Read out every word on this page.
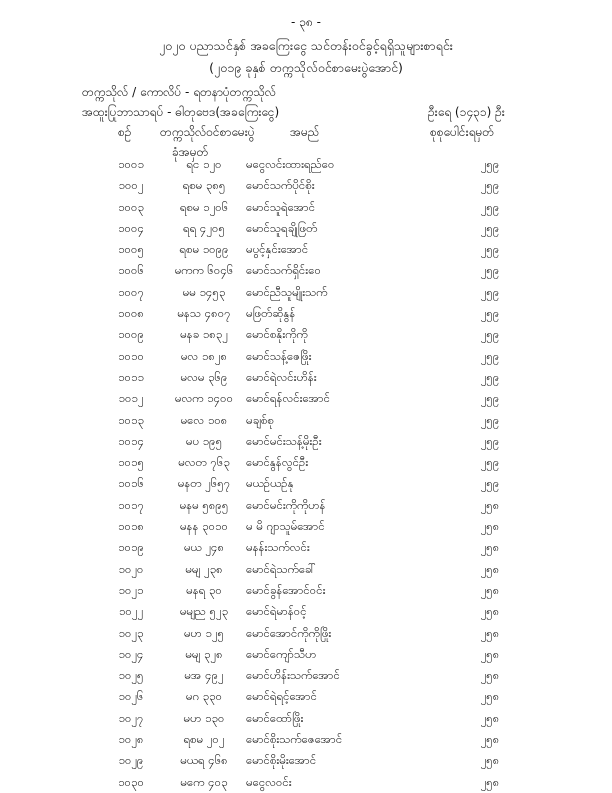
- ၃၈ -
၂၀၂၀ ပညာသင်နှစ် အခကြေးငွေ သင်တန်းဝင်ခွင့်ရရှိသူများစာရင်း
(၂၀၁၉ ခုနှစ် တက္ကသိုလ်ဝင်စာမေးပွဲအောင်)
တက္ကသိုလ် / ကောလိပ် - ရတနာပုံတက္ကသိုလ်
အထူးပြုဘာသာရပ် - ဓါတုဗေဒ(အခကြေးငွေ)	ဦးရေ (၁၄၃၁) ဦး
စဉ် တက္ကသိုလ်ဝင်စာမေးပွဲ	အမည်	စုစုပေါင်းရမှတ်
ခုံအမှတ်
၁၀၀၁	ရင ၁၂၀	မငွေလင်းထားရည်ဝေ	၂၅၉
၁၀၀၂	ရစမ ၃၈၅	မောင်သက်ပိုင်စိုး	၂၅၉
၁၀၀၃	ရစမ ၁၂၀၆	မောင်သူရဲအောင်	၂၅၉
၁၀၀၄	ရရ ၄၂၀၅	မောင်သူရချိုဖြတ်	၂၅၉
၁၀၀၅	ရစမ ၁၀၉၉	မပွင့်နှင်းအောင်	၂၅၉
၁၀၀၆	မကက ၆၀၄၆	မောင်သက်ရှိင်းဝေ	၂၅၉
၁၀၀၇	မမ ၁၄၅၃	မောင်ညီသူမျိုးသက်	၂၅၉
၁၀၀၈	မနသ ၄၈၀၇	မဖြတ်ဆိုနွန်	၂၅၉
၁၀၀၉	မနခ ၁၈၃၂	မောင်စနိုးကိုကို	၂၅၉
၁၀၁၀	မလ ၁၈၂၈	မောင်သန့်ဇေဖြိုး	၂၅၉
၁၀၁၁	မလမ ၃၆၉	မောင်ရဲလင်းဟိန်း	၂၅၉
၁၀၁၂	မလက ၁၄၀၀	မောင်ရန်လင်းအောင်	၂၅၉
၁၀၁၃	မလေ ၁၀၈	မချစ်စု	၂၅၉
၁၀၁၄	မပ ၁၉၅	မောင်မင်းသန့်မိုးဦး	၂၅၉
၁၀၁၅	မလတ ၇၆၃	မောင်နွန်လွင်ဦး	၂၅၉
၁၀၁၆	မနတ ၂၆၅၇	မယဉ်ယဉ်နု	၂၅၉
၁၀၁၇	မနမ ၅၈၉၅	မောင်မင်းကိုကိုဟန်	၂၅၈
၁၀၁၈	မနန ၃၀၁၀	မ မိ ဂျာသူမ်အောင်	၂၅၈
၁၀၁၉	မယ ၂၄၈	မနန်းသက်လင်း	၂၅၈
၁၀၂၀	မမျ ၂၃၈	မောင်ရဲသက်ခေါ်	၂၅၈
၁၀၂၁	မနရ ၃၀	မောင်ခွန်အောင်ဝင်း	၂၅၈
၁၀၂၂	မမျည ၅၂၃	မောင်ရဲမာန်ဝင့်	၂၅၈
၁၀၂၃	မဟ ၁၂၅	မောင်အောင်ကိုကိုဖြိုး	၂၅၈
၁၀၂၄	မမျ ၃၂၈	မောင်ကျော်သီဟ	၂၅၈
၁၀၂၅	မအ ၄၉၂	မောင်ဟိန်းသက်အောင်	၂၅၈
၁၀၂၆	မဂ ၃၃၀	မောင်ရဲရင့်အောင်	၂၅၈
၁၀၂၇	မဟ ၁၃၀	မောင်ထော်ဖြိုး	၂၅၈
၁၀၂၈	ရစမ ၂၀၂	မောင်စိုးသက်ဇေအောင်	၂၅၈
၁၀၂၉	မယရ ၄၆၈	မောင်စိုးမိုးအောင်	၂၅၈
၁၀၃၀	မကေ ၄၀၃	မငွေလဝင်း	၂၅၈
